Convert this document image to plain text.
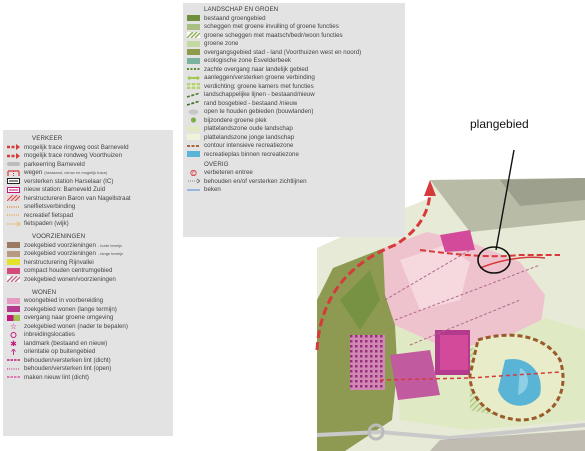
plangebied
LANDSCHAP EN GROEN
bestaand groengebied
scheggen met groene invulling of groene functies
groene scheggen met maatsch/bedr/woon functies
groene zone
overgangsgebied stad - land (Voorthuizen west en noord)
ecologische zone Esvelderbeek
zachte overgang naar landelijk gebied
aanleggen/versterken groene verbinding
verdichting; groene kamers met functies
landschappelijke lijnen - bestaand/nieuw
rand bosgebied - bestaand /nieuw
open te houden gebieden (bouwlanden)
bijzondere groene plek
plattelandszone oude landschap
plattelandszone jonge landschap
contour intensieve recreatiezone
recreatieplas binnen recreatiezone
OVERIG
E verbeteren entree
behouden en/of versterken zichtlijnen
beken
VERKEER
mogelijk trace ringweg oost Barneveld
mogelijk trace rondweg Voorthuizen
parkeerring Barneveld
wegen (bestaand, nieuw en mogelijk trace)
versterken station Harselaar (IC)
nieuw station: Barneveld Zuid
herstructureren Baron van Nagellstraat
snelfietsverbinding
recreatief fietspad
fietspaden (wijk)
VOORZIENINGEN
zoekgebied voorzieningen - korte termijn
zoekgebied voorzieningen - lange termijn
herstructurering Rijnvallei
compact houden centrumgebied
zoekgebied wonen/voorzieningen
WONEN
woongebied in voorbereiding
zoekgebied wonen (lange termijn)
overgang naar groene omgeving
☆ zoekgebied wonen (nader te bepalen)
inbreidingslocaties
✱ landmark (bestaand en nieuw)
orientatie op buitengebied
behouden/versterken lint (dicht)
behouden/versterken lint (open)
maken nieuw lint (dicht)
